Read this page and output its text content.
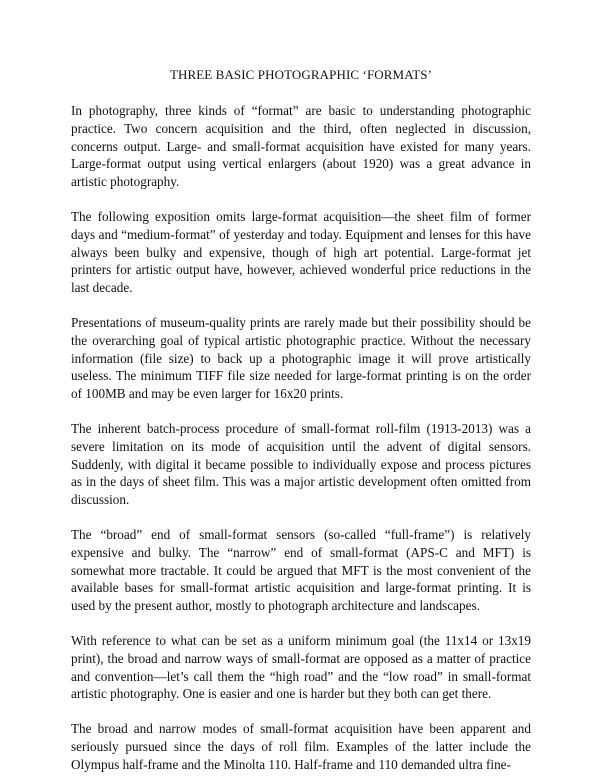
THREE BASIC PHOTOGRAPHIC ‘FORMATS’

In photography, three kinds of “format” are basic to understanding photographic practice. Two concern acquisition and the third, often neglected in discussion, concerns output. Large- and small-format acquisition have existed for many years. Large-format output using vertical enlargers (about 1920) was a great advance in artistic photography.

The following exposition omits large-format acquisition—the sheet film of former days and “medium-format” of yesterday and today. Equipment and lenses for this have always been bulky and expensive, though of high art potential. Large-format jet printers for artistic output have, however, achieved wonderful price reductions in the last decade.

Presentations of museum-quality prints are rarely made but their possibility should be the overarching goal of typical artistic photographic practice. Without the necessary information (file size) to back up a photographic image it will prove artistically useless. The minimum TIFF file size needed for large-format printing is on the order of 100MB and may be even larger for 16x20 prints.

The inherent batch-process procedure of small-format roll-film (1913-2013) was a severe limitation on its mode of acquisition until the advent of digital sensors. Suddenly, with digital it became possible to individually expose and process pictures as in the days of sheet film. This was a major artistic development often omitted from discussion.

The “broad” end of small-format sensors (so-called “full-frame”) is relatively expensive and bulky. The “narrow” end of small-format (APS-C and MFT) is somewhat more tractable. It could be argued that MFT is the most convenient of the available bases for small-format artistic acquisition and large-format printing. It is used by the present author, mostly to photograph architecture and landscapes.

With reference to what can be set as a uniform minimum goal (the 11x14 or 13x19 print), the broad and narrow ways of small-format are opposed as a matter of practice and convention—let’s call them the “high road” and the “low road” in small-format artistic photography. One is easier and one is harder but they both can get there.

The broad and narrow modes of small-format acquisition have been apparent and seriously pursued since the days of roll film. Examples of the latter include the Olympus half-frame and the Minolta 110. Half-frame and 110 demanded ultra fine-
